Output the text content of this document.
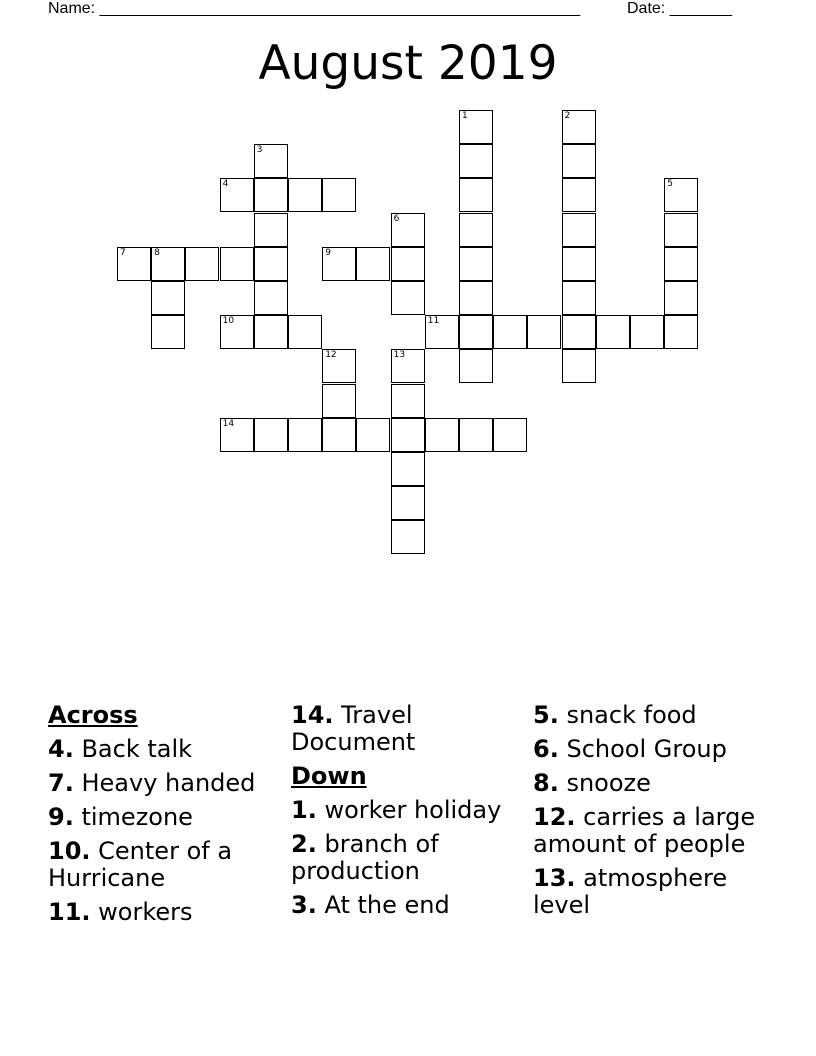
Name: ______________________________________________________	Date: _______
August 2019
1	2
3
4	5
6
7	8	9
10	11
12	13
14
Across
4. Back talk
7. Heavy handed
9. timezone
10. Center of a Hurricane
11. workers
14. Travel Document
Down
1. worker holiday
2. branch of production
3. At the end
5. snack food
6. School Group
8. snooze
12. carries a large amount of people
13. atmosphere level
